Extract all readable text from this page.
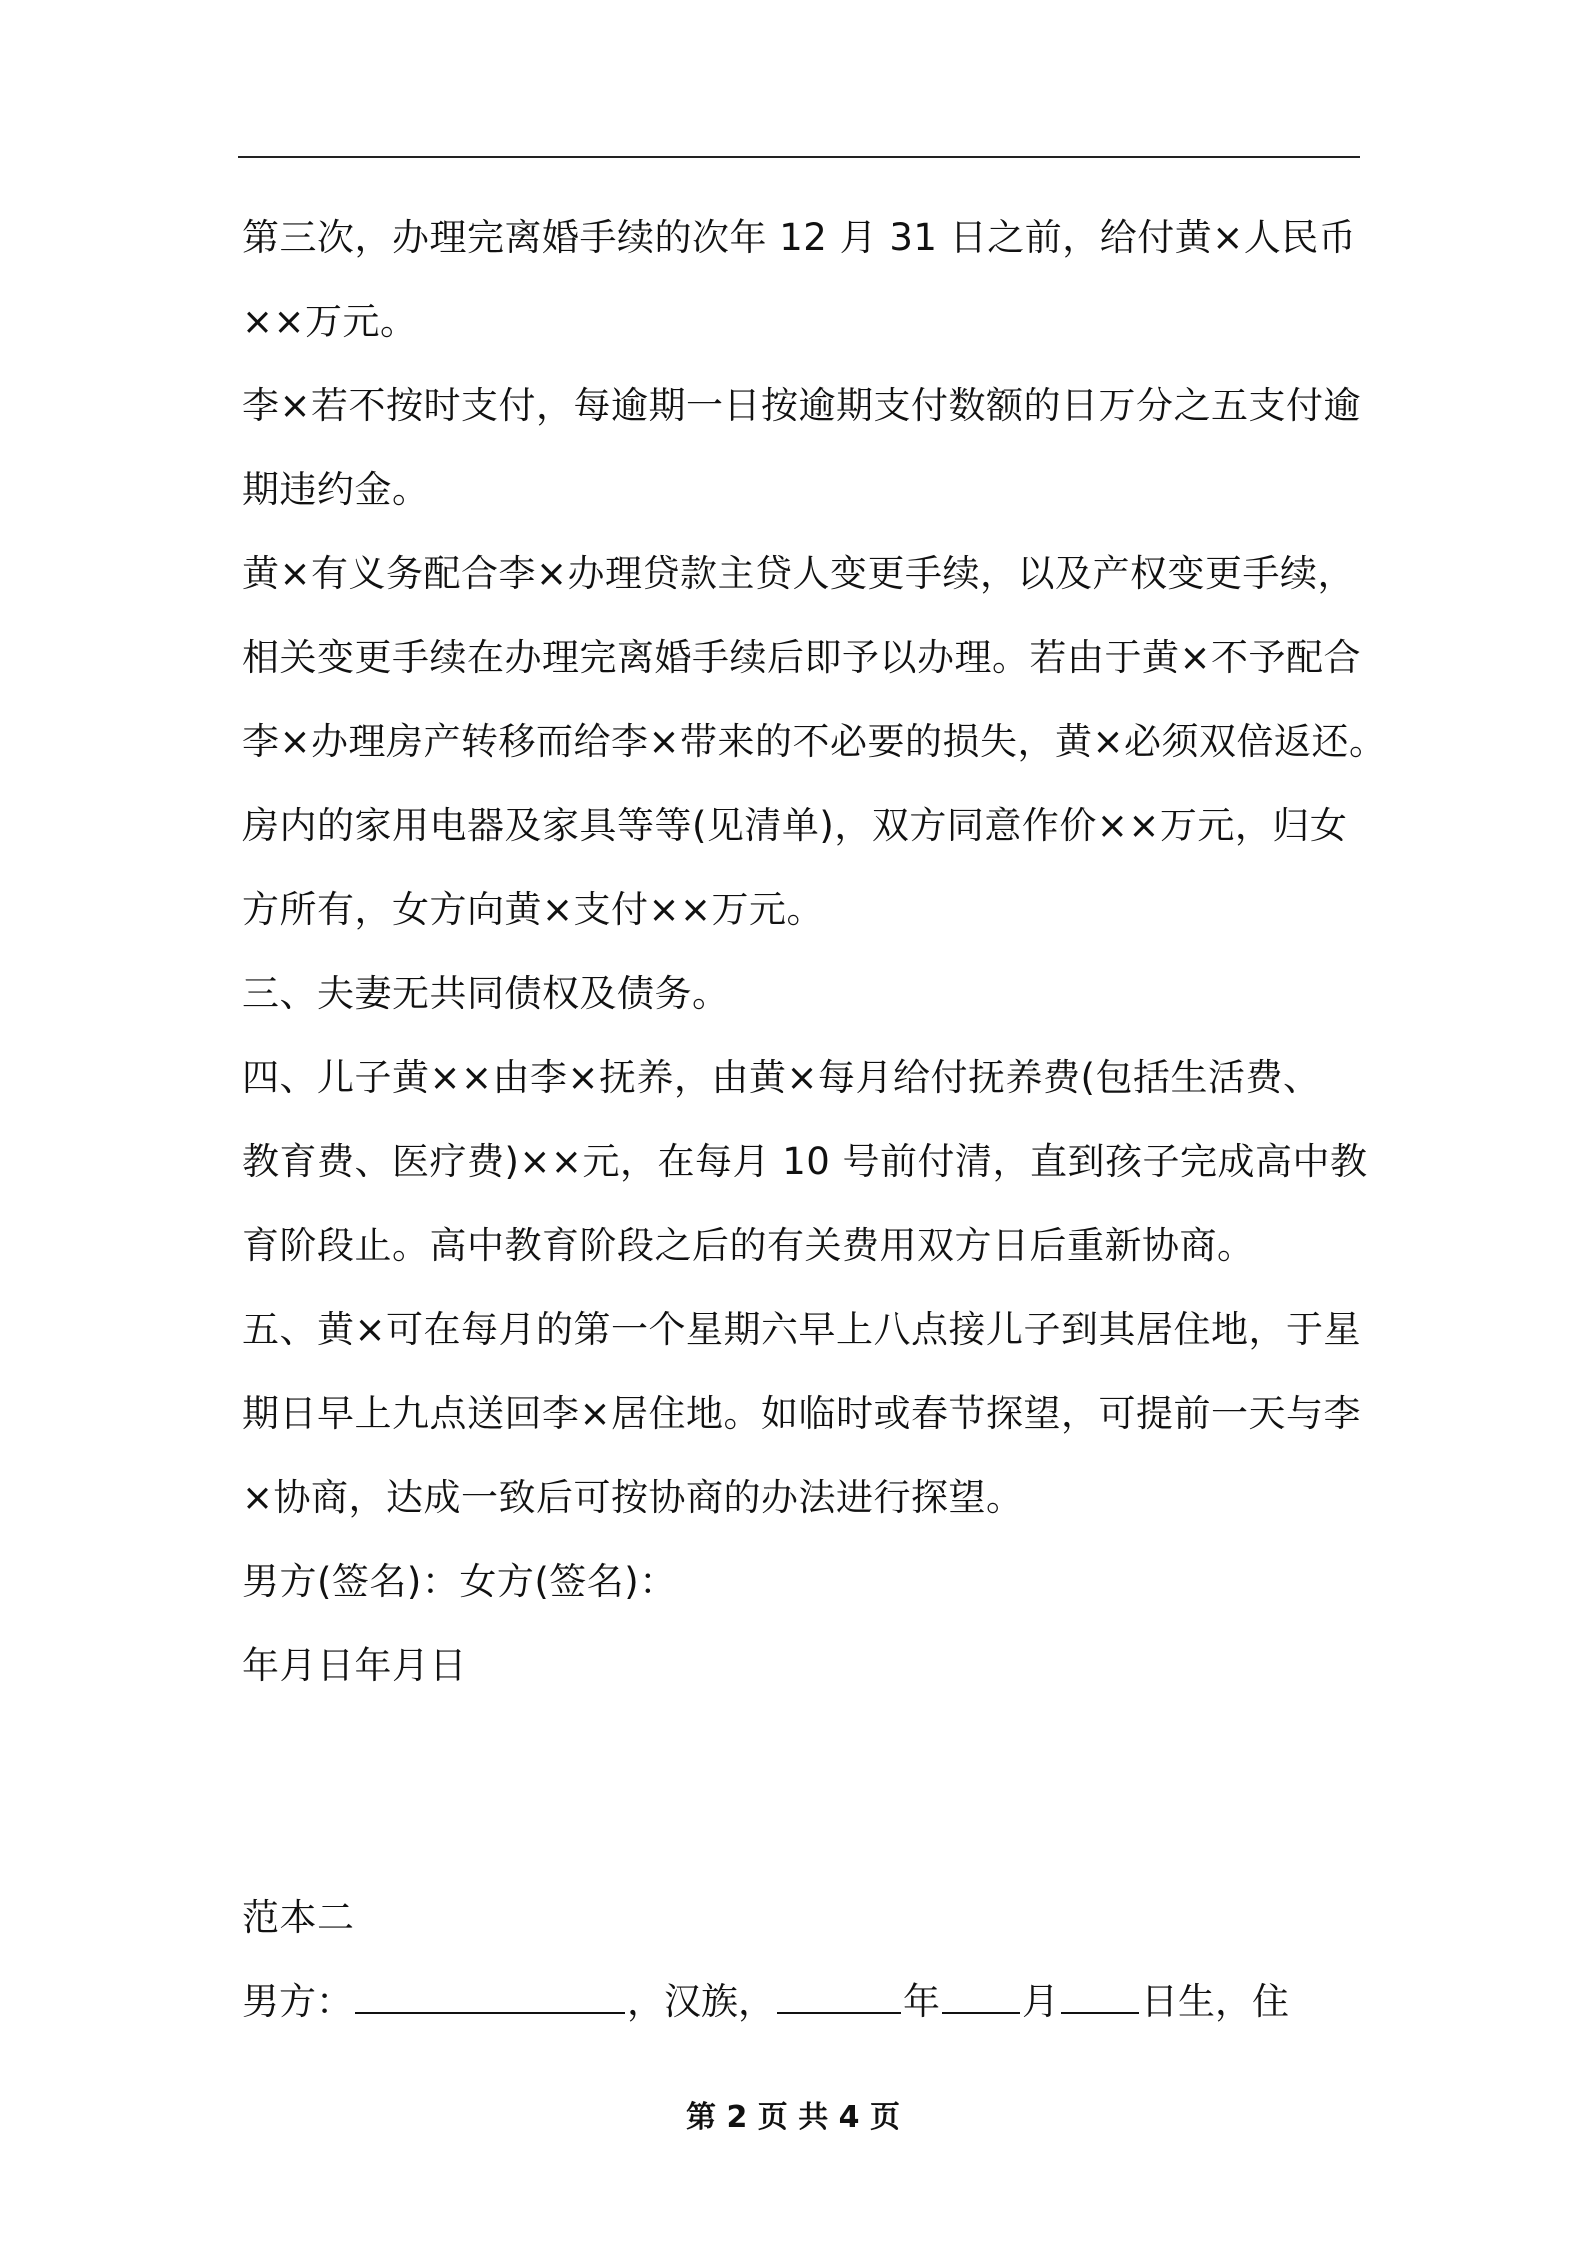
第三次，办理完离婚手续的次年 12 月 31 日之前，给付黄×人民币
××万元。
李×若不按时支付，每逾期一日按逾期支付数额的日万分之五支付逾
期违约金。
黄×有义务配合李×办理贷款主贷人变更手续，以及产权变更手续，
相关变更手续在办理完离婚手续后即予以办理。若由于黄×不予配合
李×办理房产转移而给李×带来的不必要的损失，黄×必须双倍返还。
房内的家用电器及家具等等(见清单)，双方同意作价××万元，归女
方所有，女方向黄×支付××万元。
三、夫妻无共同债权及债务。
四、儿子黄××由李×抚养，由黄×每月给付抚养费(包括生活费、
教育费、医疗费)××元，在每月 10 号前付清，直到孩子完成高中教
育阶段止。高中教育阶段之后的有关费用双方日后重新协商。
五、黄×可在每月的第一个星期六早上八点接儿子到其居住地，于星
期日早上九点送回李×居住地。如临时或春节探望，可提前一天与李
×协商，达成一致后可按协商的办法进行探望。
男方(签名)：女方(签名)：
年月日年月日
范本二
男方：	，汉族，	年 月 日生，住
第 2 页 共 4 页
